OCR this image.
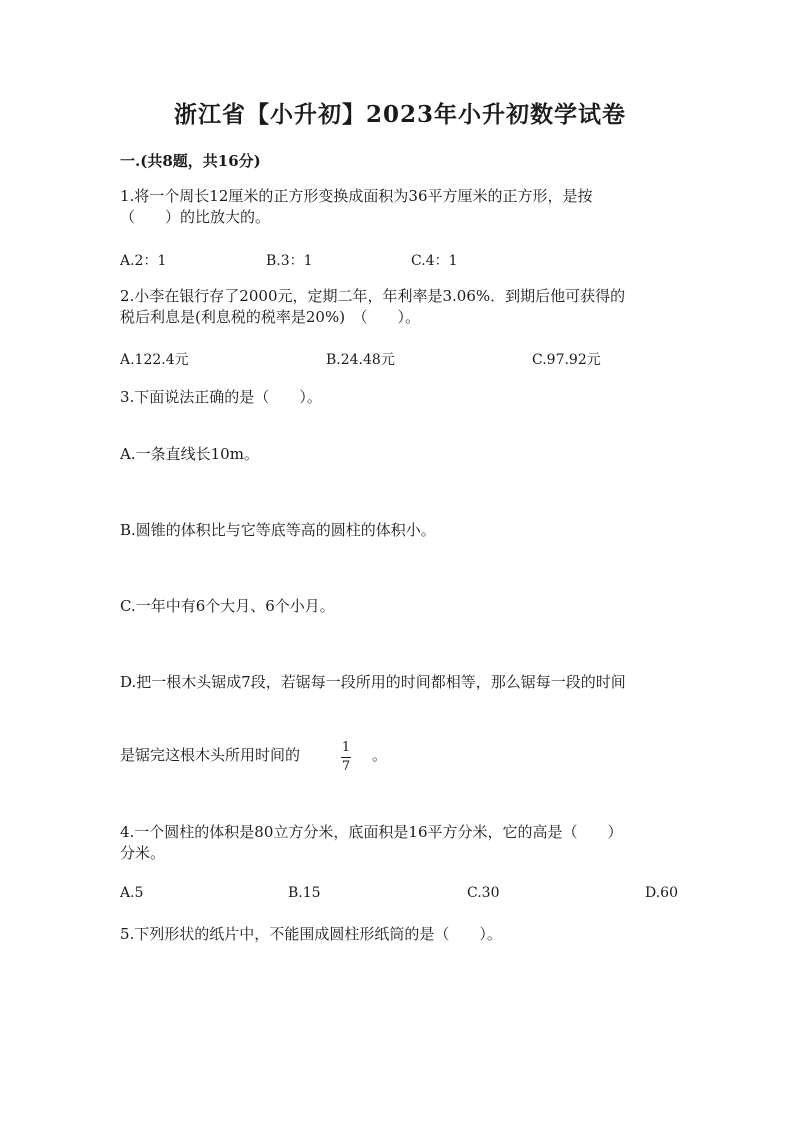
浙江省【小升初】2023年小升初数学试卷
一.(共8题，共16分)
1.将一个周长12厘米的正方形变换成面积为36平方厘米的正方形，是按
（　　）的比放大的。
A.2：1	B.3：1	C.4：1
2.小李在银行存了2000元，定期二年，年利率是3.06%．到期后他可获得的
税后利息是(利息税的税率是20%)　（　　）。
A.122.4元	B.24.48元	C.97.92元
3.下面说法正确的是（　　）。
A.一条直线长10m。
B.圆锥的体积比与它等底等高的圆柱的体积小。
C.一年中有6个大月、6个小月。
D.把一根木头锯成7段，若锯每一段所用的时间都相等，那么锯每一段的时间
是锯完这根木头所用时间的	1
7
。
4.一个圆柱的体积是80立方分米，底面积是16平方分米，它的高是（　　）
分米。
A.5	B.15	C.30	D.60
5.下列形状的纸片中，不能围成圆柱形纸筒的是（　　）。
